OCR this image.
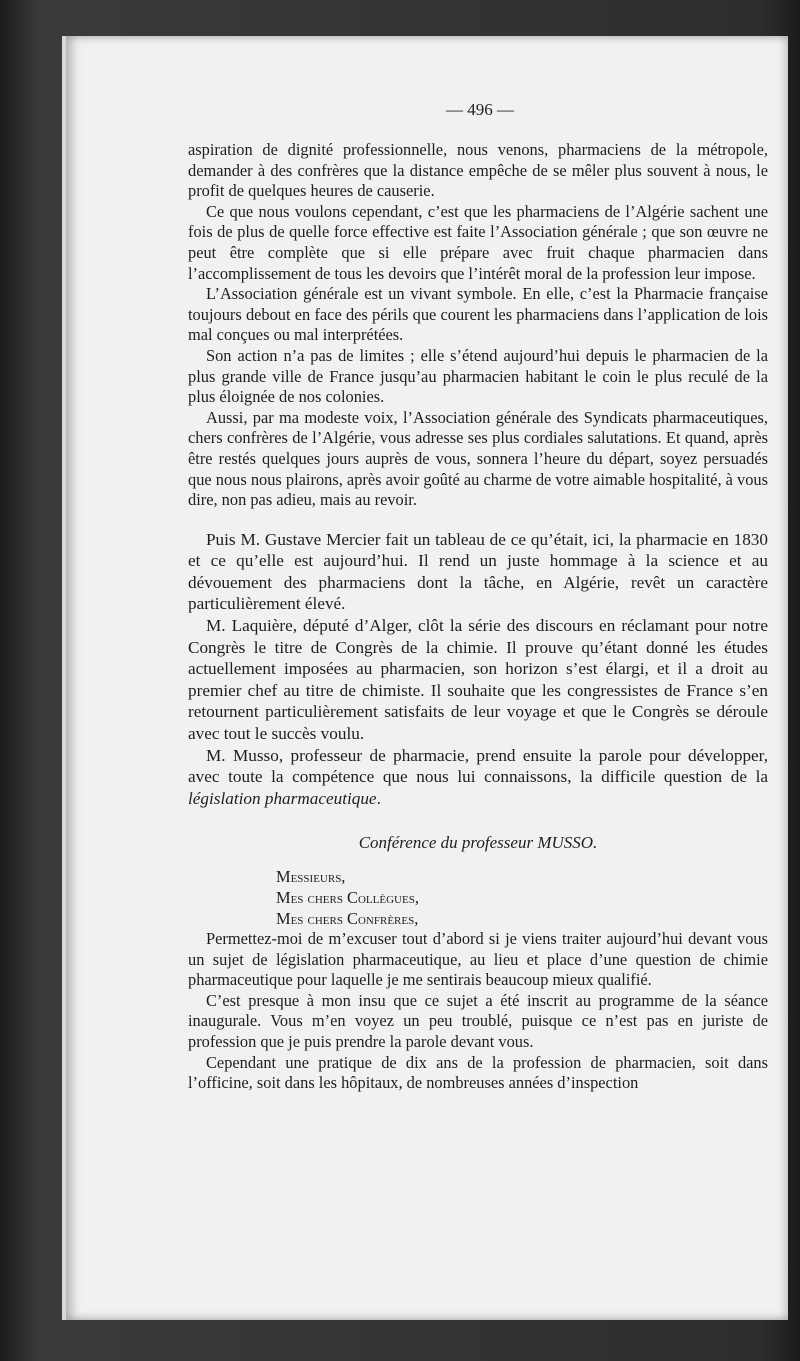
— 496 —

aspiration de dignité professionnelle, nous venons, pharmaciens de la métropole, demander à des confrères que la distance empêche de se mêler plus souvent à nous, le profit de quelques heures de causerie.

Ce que nous voulons cependant, c’est que les pharmaciens de l’Algérie sachent une fois de plus de quelle force effective est faite l’Association générale ; que son œuvre ne peut être complète que si elle prépare avec fruit chaque pharmacien dans l’accomplissement de tous les devoirs que l’intérêt moral de la profession leur impose.

L’Association générale est un vivant symbole. En elle, c’est la Pharmacie française toujours debout en face des périls que courent les pharmaciens dans l’application de lois mal conçues ou mal interprétées.

Son action n’a pas de limites ; elle s’étend aujourd’hui depuis le pharmacien de la plus grande ville de France jusqu’au pharmacien habitant le coin le plus reculé de la plus éloignée de nos colonies.

Aussi, par ma modeste voix, l’Association générale des Syndicats pharmaceutiques, chers confrères de l’Algérie, vous adresse ses plus cordiales salutations. Et quand, après être restés quelques jours auprès de vous, sonnera l’heure du départ, soyez persuadés que nous nous plairons, après avoir goûté au charme de votre aimable hospitalité, à vous dire, non pas adieu, mais au revoir.

Puis M. Gustave Mercier fait un tableau de ce qu’était, ici, la pharmacie en 1830 et ce qu’elle est aujourd’hui. Il rend un juste hommage à la science et au dévouement des pharmaciens dont la tâche, en Algérie, revêt un caractère particulièrement élevé.

M. Laquière, député d’Alger, clôt la série des discours en réclamant pour notre Congrès le titre de Congrès de la chimie. Il prouve qu’étant donné les études actuellement imposées au pharmacien, son horizon s’est élargi, et il a droit au premier chef au titre de chimiste. Il souhaite que les congressistes de France s’en retournent particulièrement satisfaits de leur voyage et que le Congrès se déroule avec tout le succès voulu.

M. Musso, professeur de pharmacie, prend ensuite la parole pour développer, avec toute la compétence que nous lui connaissons, la difficile question de la législation pharmaceutique.

Conférence du professeur MUSSO.
Messieurs,
Mes chers Collègues,
Mes chers Confrères,

Permettez-moi de m’excuser tout d’abord si je viens traiter aujourd’hui devant vous un sujet de législation pharmaceutique, au lieu et place d’une question de chimie pharmaceutique pour laquelle je me sentirais beaucoup mieux qualifié.

C’est presque à mon insu que ce sujet a été inscrit au programme de la séance inaugurale. Vous m’en voyez un peu troublé, puisque ce n’est pas en juriste de profession que je puis prendre la parole devant vous.

Cependant une pratique de dix ans de la profession de pharmacien, soit dans l’officine, soit dans les hôpitaux, de nombreuses années d’inspection
